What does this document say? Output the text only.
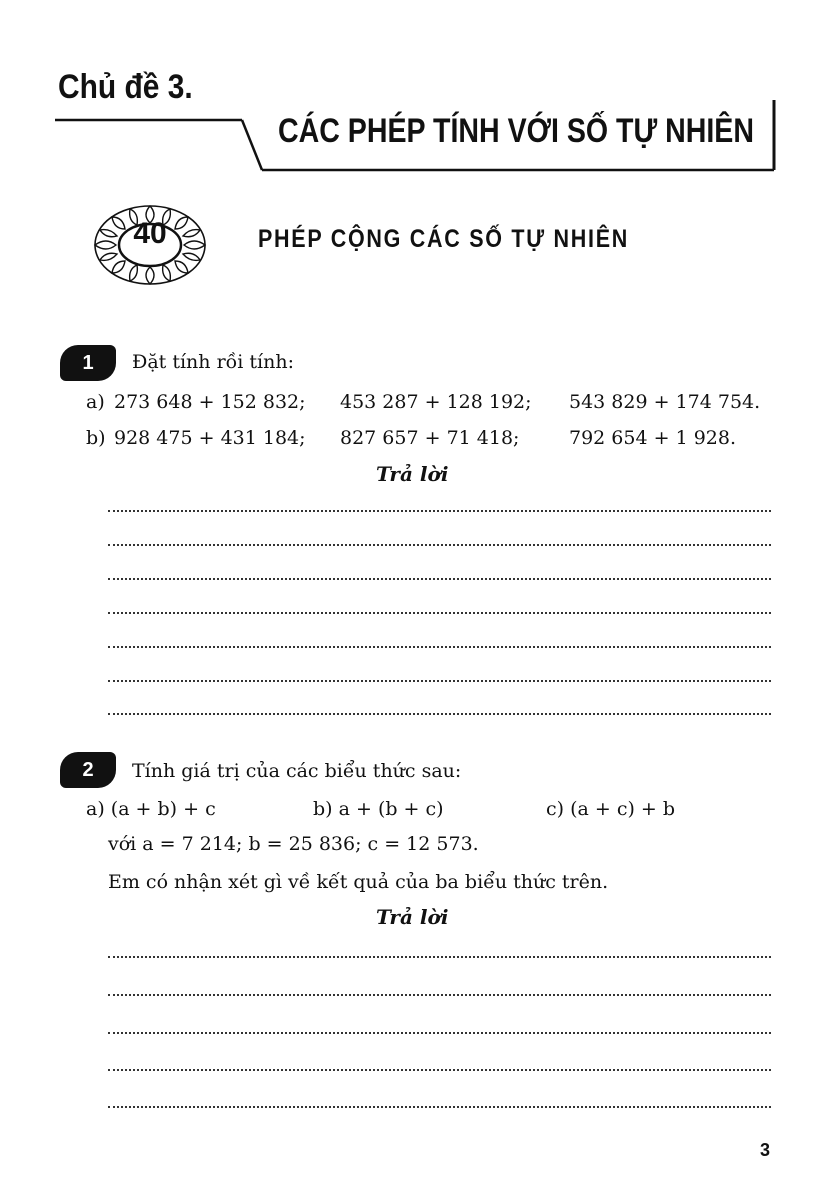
Chủ đề 3.
CÁC PHÉP TÍNH VỚI SỐ TỰ NHIÊN
40	PHÉP CỘNG CÁC SỐ TỰ NHIÊN
1	Đặt tính rồi tính:
a) 273 648 + 152 832; 453 287 + 128 192; 543 829 + 174 754.
b) 928 475 + 431 184; 827 657 + 71 418;	792 654 + 1 928.
Trả lời
2	Tính giá trị của các biểu thức sau:
a) (a + b) + c	b) a + (b + c)	c) (a + c) + b
với a = 7 214; b = 25 836; c = 12 573.
Em có nhận xét gì về kết quả của ba biểu thức trên.
Trả lời
3
